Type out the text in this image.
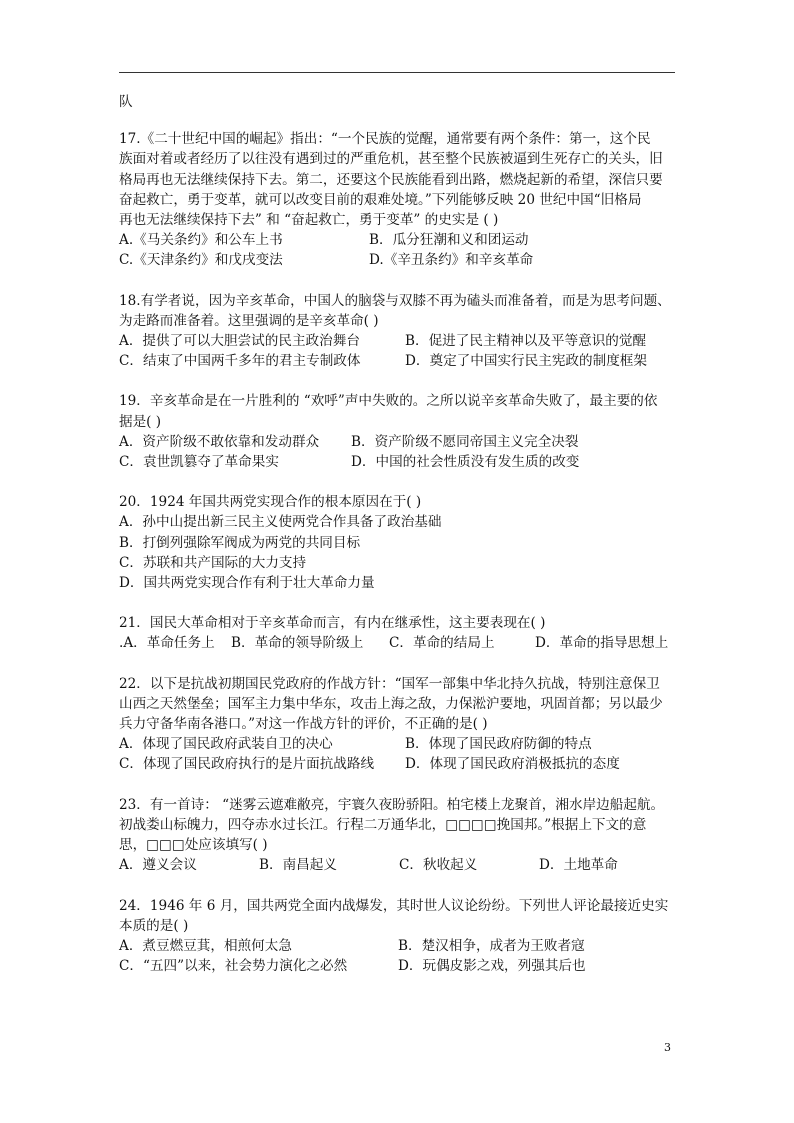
队

17.《二十世纪中国的崛起》指出：“一个民族的觉醒，通常要有两个条件：第一，这个民
族面对着或者经历了以往没有遇到过的严重危机，甚至整个民族被逼到生死存亡的关头，旧
格局再也无法继续保持下去。第二，还要这个民族能看到出路，燃烧起新的希望，深信只要
奋起救亡，勇于变革，就可以改变目前的艰难处境。”下列能够反映 20 世纪中国“旧格局
再也无法继续保持下去” 和 “奋起救亡，勇于变革” 的史实是 ( )

A.《马关条约》和公车上书	B．瓜分狂潮和义和团运动
C.《天津条约》和戊戌变法	D.《辛丑条约》和辛亥革命

18.有学者说，因为辛亥革命，中国人的脑袋与双膝不再为磕头而准备着，而是为思考问题、
为走路而准备着。这里强调的是辛亥革命( )

A．提供了可以大胆尝试的民主政治舞台	B．促进了民主精神以及平等意识的觉醒
C．结束了中国两千多年的君主专制政体	D．奠定了中国实行民主宪政的制度框架

19．辛亥革命是在一片胜利的 “欢呼”声中失败的。之所以说辛亥革命失败了，最主要的依
据是( )

A．资产阶级不敢依靠和发动群众	B．资产阶级不愿同帝国主义完全决裂
C．袁世凯篡夺了革命果实	D．中国的社会性质没有发生质的改变

20．1924 年国共两党实现合作的根本原因在于( )

A．孙中山提出新三民主义使两党合作具备了政治基础
B．打倒列强除军阀成为两党的共同目标
C．苏联和共产国际的大力支持
D．国共两党实现合作有利于壮大革命力量

21．国民大革命相对于辛亥革命而言，有内在继承性，这主要表现在( )

.A．革命任务上	B．革命的领导阶级上	C．革命的结局上	D．革命的指导思想上

22．以下是抗战初期国民党政府的作战方针：“国军一部集中华北持久抗战，特别注意保卫
山西之天然堡垒；国军主力集中华东，攻击上海之敌，力保淞沪要地，巩固首都；另以最少
兵力守备华南各港口。”对这一作战方针的评价，不正确的是( )

A．体现了国民政府武装自卫的决心	B．体现了国民政府防御的特点
C．体现了国民政府执行的是片面抗战路线	D．体现了国民政府消极抵抗的态度

23．有一首诗： “迷雾云遮难敝亮，宇寰久夜盼骄阳。柏宅楼上龙聚首，湘水岸边船起航。
初战娄山标魄力，四夺赤水过长江。行程二万通华北，□□□□挽国邦。”根据上下文的意
思，□□□处应该填写( )

A．遵义会议	B．南昌起义	C．秋收起义	D．土地革命

24．1946 年 6 月，国共两党全面内战爆发，其时世人议论纷纷。下列世人评论最接近史实
本质的是( )

A．煮豆燃豆萁，相煎何太急	B．楚汉相争，成者为王败者寇
C．“五四”以来，社会势力演化之必然	D．玩偶皮影之戏，列强其后也
3
